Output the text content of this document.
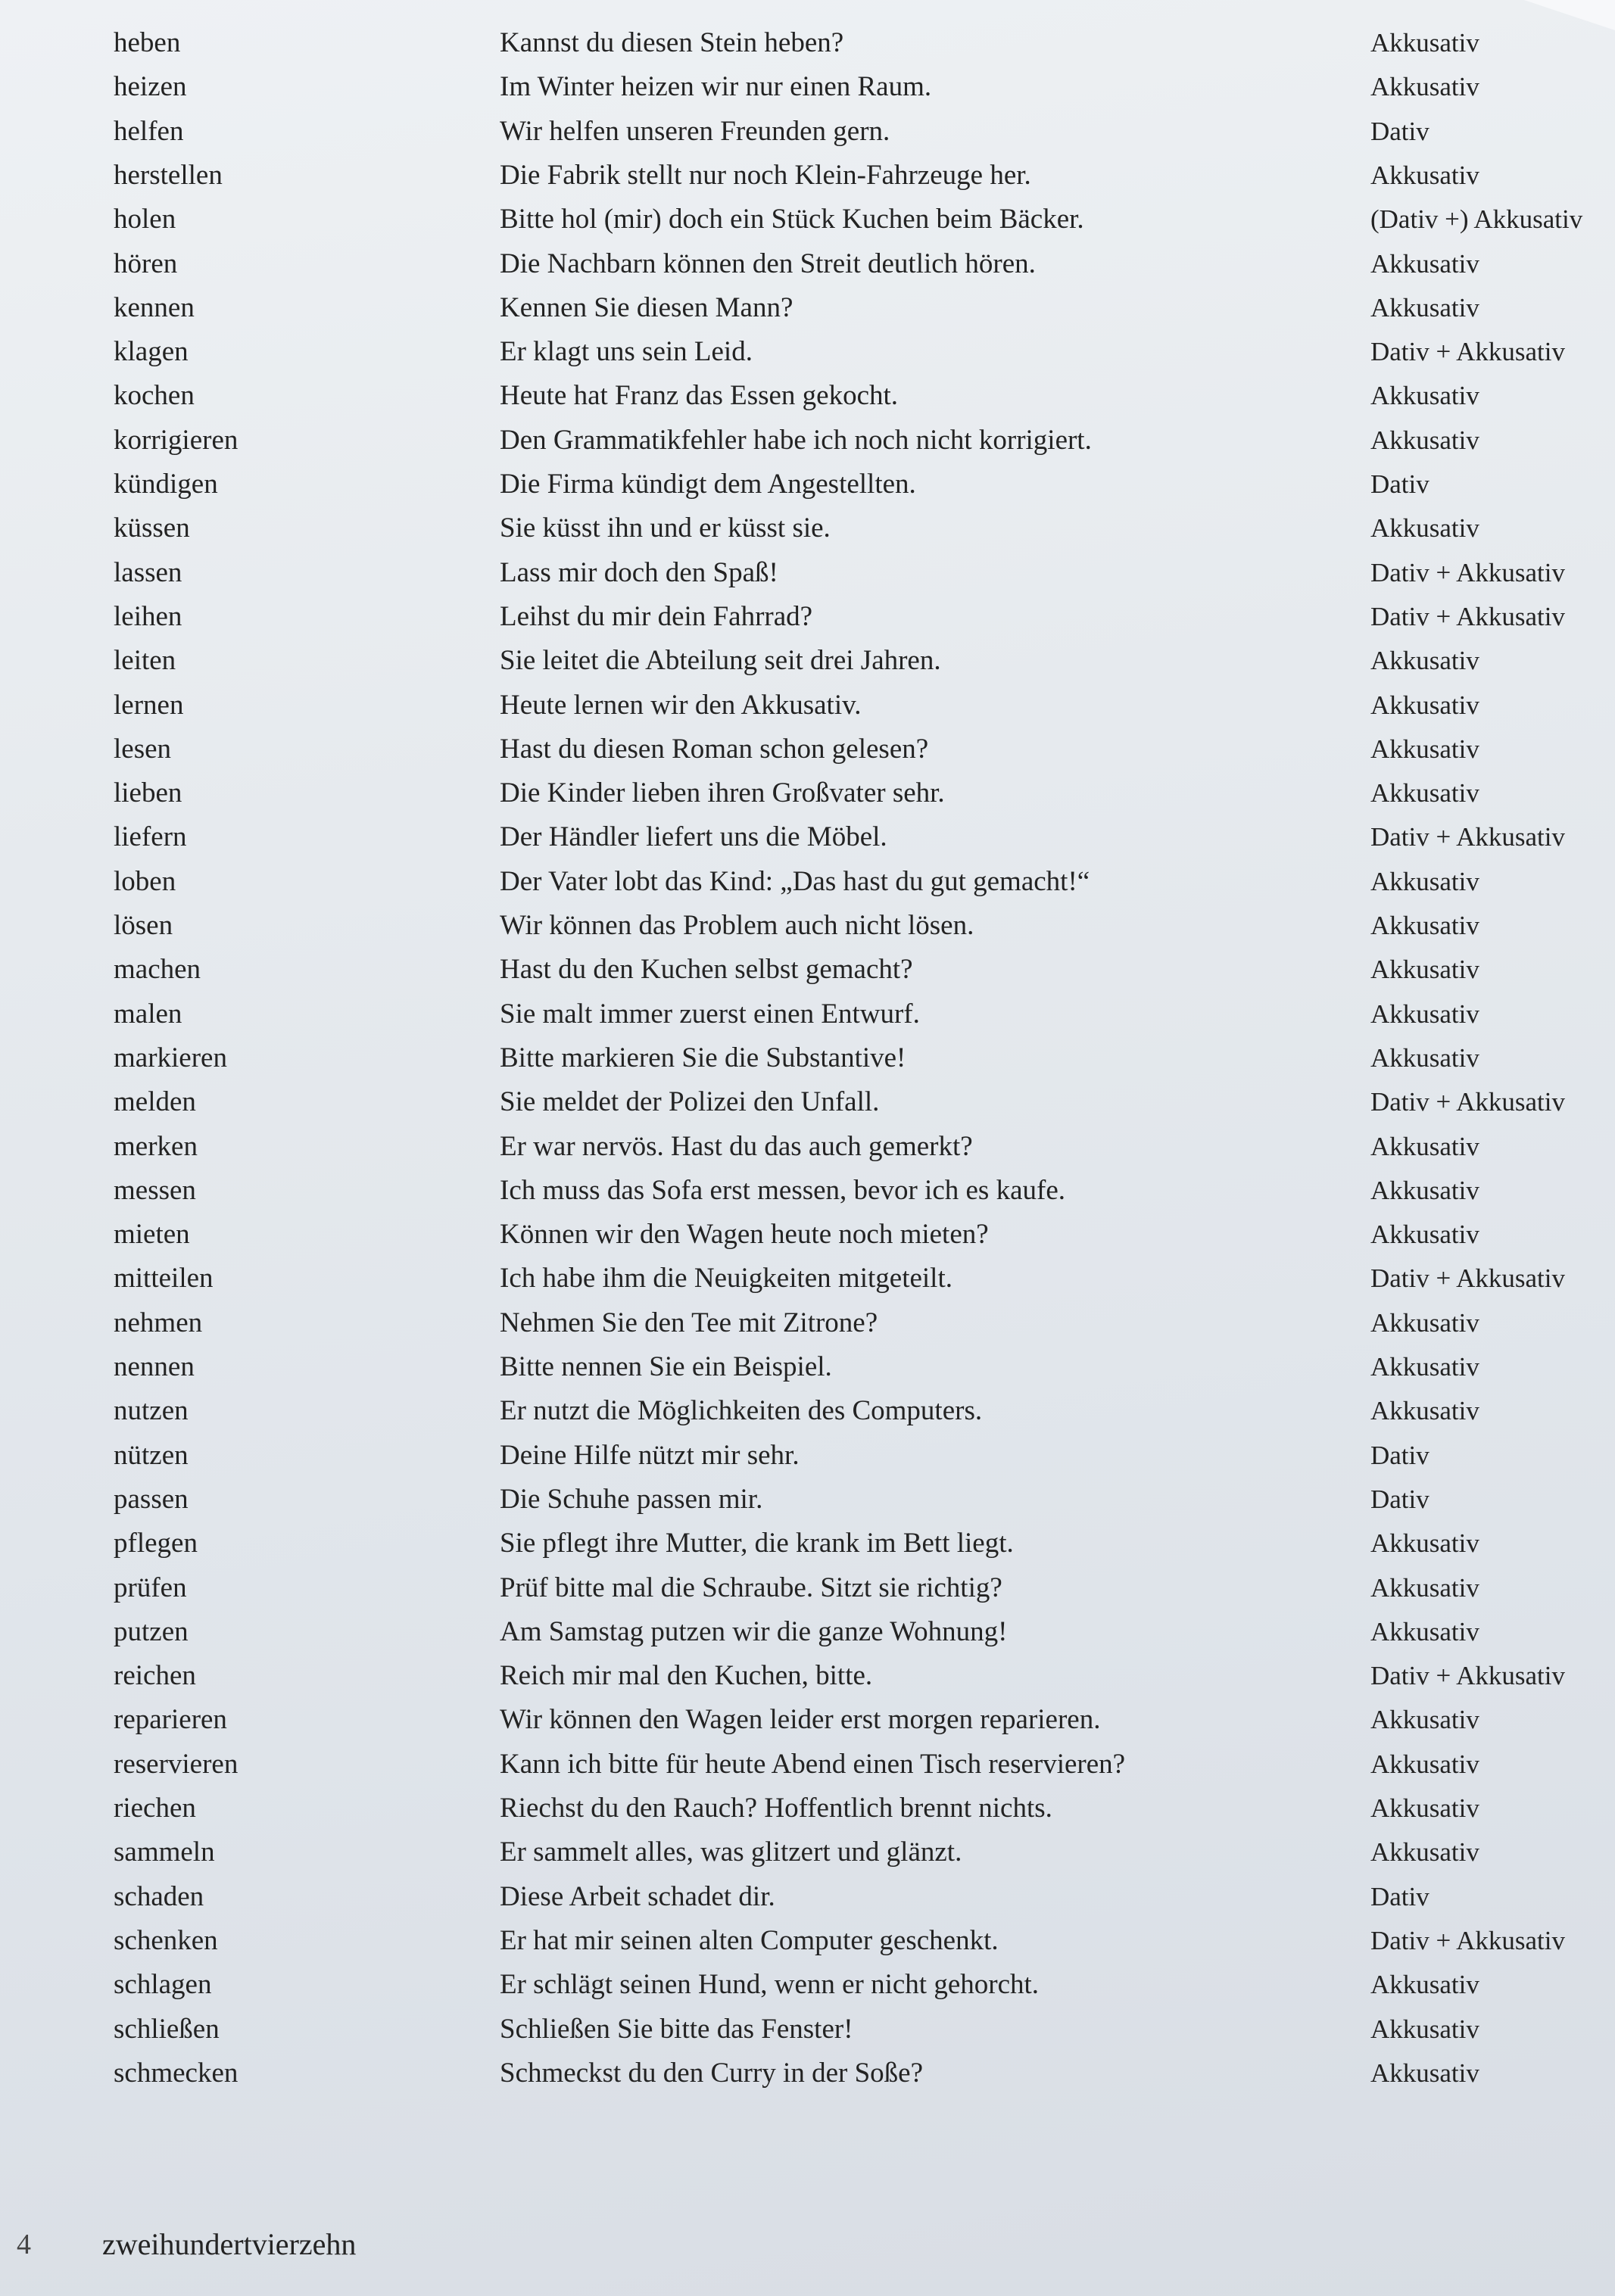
heben	Kannst du diesen Stein heben?	Akkusativ
heizen	Im Winter heizen wir nur einen Raum.	Akkusativ
helfen	Wir helfen unseren Freunden gern.	Dativ
herstellen	Die Fabrik stellt nur noch Klein-Fahrzeuge her.	Akkusativ
holen	Bitte hol (mir) doch ein Stück Kuchen beim Bäcker.	(Dativ +) Akkusativ
hören	Die Nachbarn können den Streit deutlich hören.	Akkusativ
kennen	Kennen Sie diesen Mann?	Akkusativ
klagen	Er klagt uns sein Leid.	Dativ + Akkusativ
kochen	Heute hat Franz das Essen gekocht.	Akkusativ
korrigieren	Den Grammatikfehler habe ich noch nicht korrigiert.	Akkusativ
kündigen	Die Firma kündigt dem Angestellten.	Dativ
küssen	Sie küsst ihn und er küsst sie.	Akkusativ
lassen	Lass mir doch den Spaß!	Dativ + Akkusativ
leihen	Leihst du mir dein Fahrrad?	Dativ + Akkusativ
leiten	Sie leitet die Abteilung seit drei Jahren.	Akkusativ
lernen	Heute lernen wir den Akkusativ.	Akkusativ
lesen	Hast du diesen Roman schon gelesen?	Akkusativ
lieben	Die Kinder lieben ihren Großvater sehr.	Akkusativ
liefern	Der Händler liefert uns die Möbel.	Dativ + Akkusativ
loben	Der Vater lobt das Kind: „Das hast du gut gemacht!“	Akkusativ
lösen	Wir können das Problem auch nicht lösen.	Akkusativ
machen	Hast du den Kuchen selbst gemacht?	Akkusativ
malen	Sie malt immer zuerst einen Entwurf.	Akkusativ
markieren	Bitte markieren Sie die Substantive!	Akkusativ
melden	Sie meldet der Polizei den Unfall.	Dativ + Akkusativ
merken	Er war nervös. Hast du das auch gemerkt?	Akkusativ
messen	Ich muss das Sofa erst messen, bevor ich es kaufe.	Akkusativ
mieten	Können wir den Wagen heute noch mieten?	Akkusativ
mitteilen	Ich habe ihm die Neuigkeiten mitgeteilt.	Dativ + Akkusativ
nehmen	Nehmen Sie den Tee mit Zitrone?	Akkusativ
nennen	Bitte nennen Sie ein Beispiel.	Akkusativ
nutzen	Er nutzt die Möglichkeiten des Computers.	Akkusativ
nützen	Deine Hilfe nützt mir sehr.	Dativ
passen	Die Schuhe passen mir.	Dativ
pflegen	Sie pflegt ihre Mutter, die krank im Bett liegt.	Akkusativ
prüfen	Prüf bitte mal die Schraube. Sitzt sie richtig?	Akkusativ
putzen	Am Samstag putzen wir die ganze Wohnung!	Akkusativ
reichen	Reich mir mal den Kuchen, bitte.	Dativ + Akkusativ
reparieren	Wir können den Wagen leider erst morgen reparieren.	Akkusativ
reservieren	Kann ich bitte für heute Abend einen Tisch reservieren?	Akkusativ
riechen	Riechst du den Rauch? Hoffentlich brennt nichts.	Akkusativ
sammeln	Er sammelt alles, was glitzert und glänzt.	Akkusativ
schaden	Diese Arbeit schadet dir.	Dativ
schenken	Er hat mir seinen alten Computer geschenkt.	Dativ + Akkusativ
schlagen	Er schlägt seinen Hund, wenn er nicht gehorcht.	Akkusativ
schließen	Schließen Sie bitte das Fenster!	Akkusativ
schmecken	Schmeckst du den Curry in der Soße?	Akkusativ
4 zweihundertvierzehn
